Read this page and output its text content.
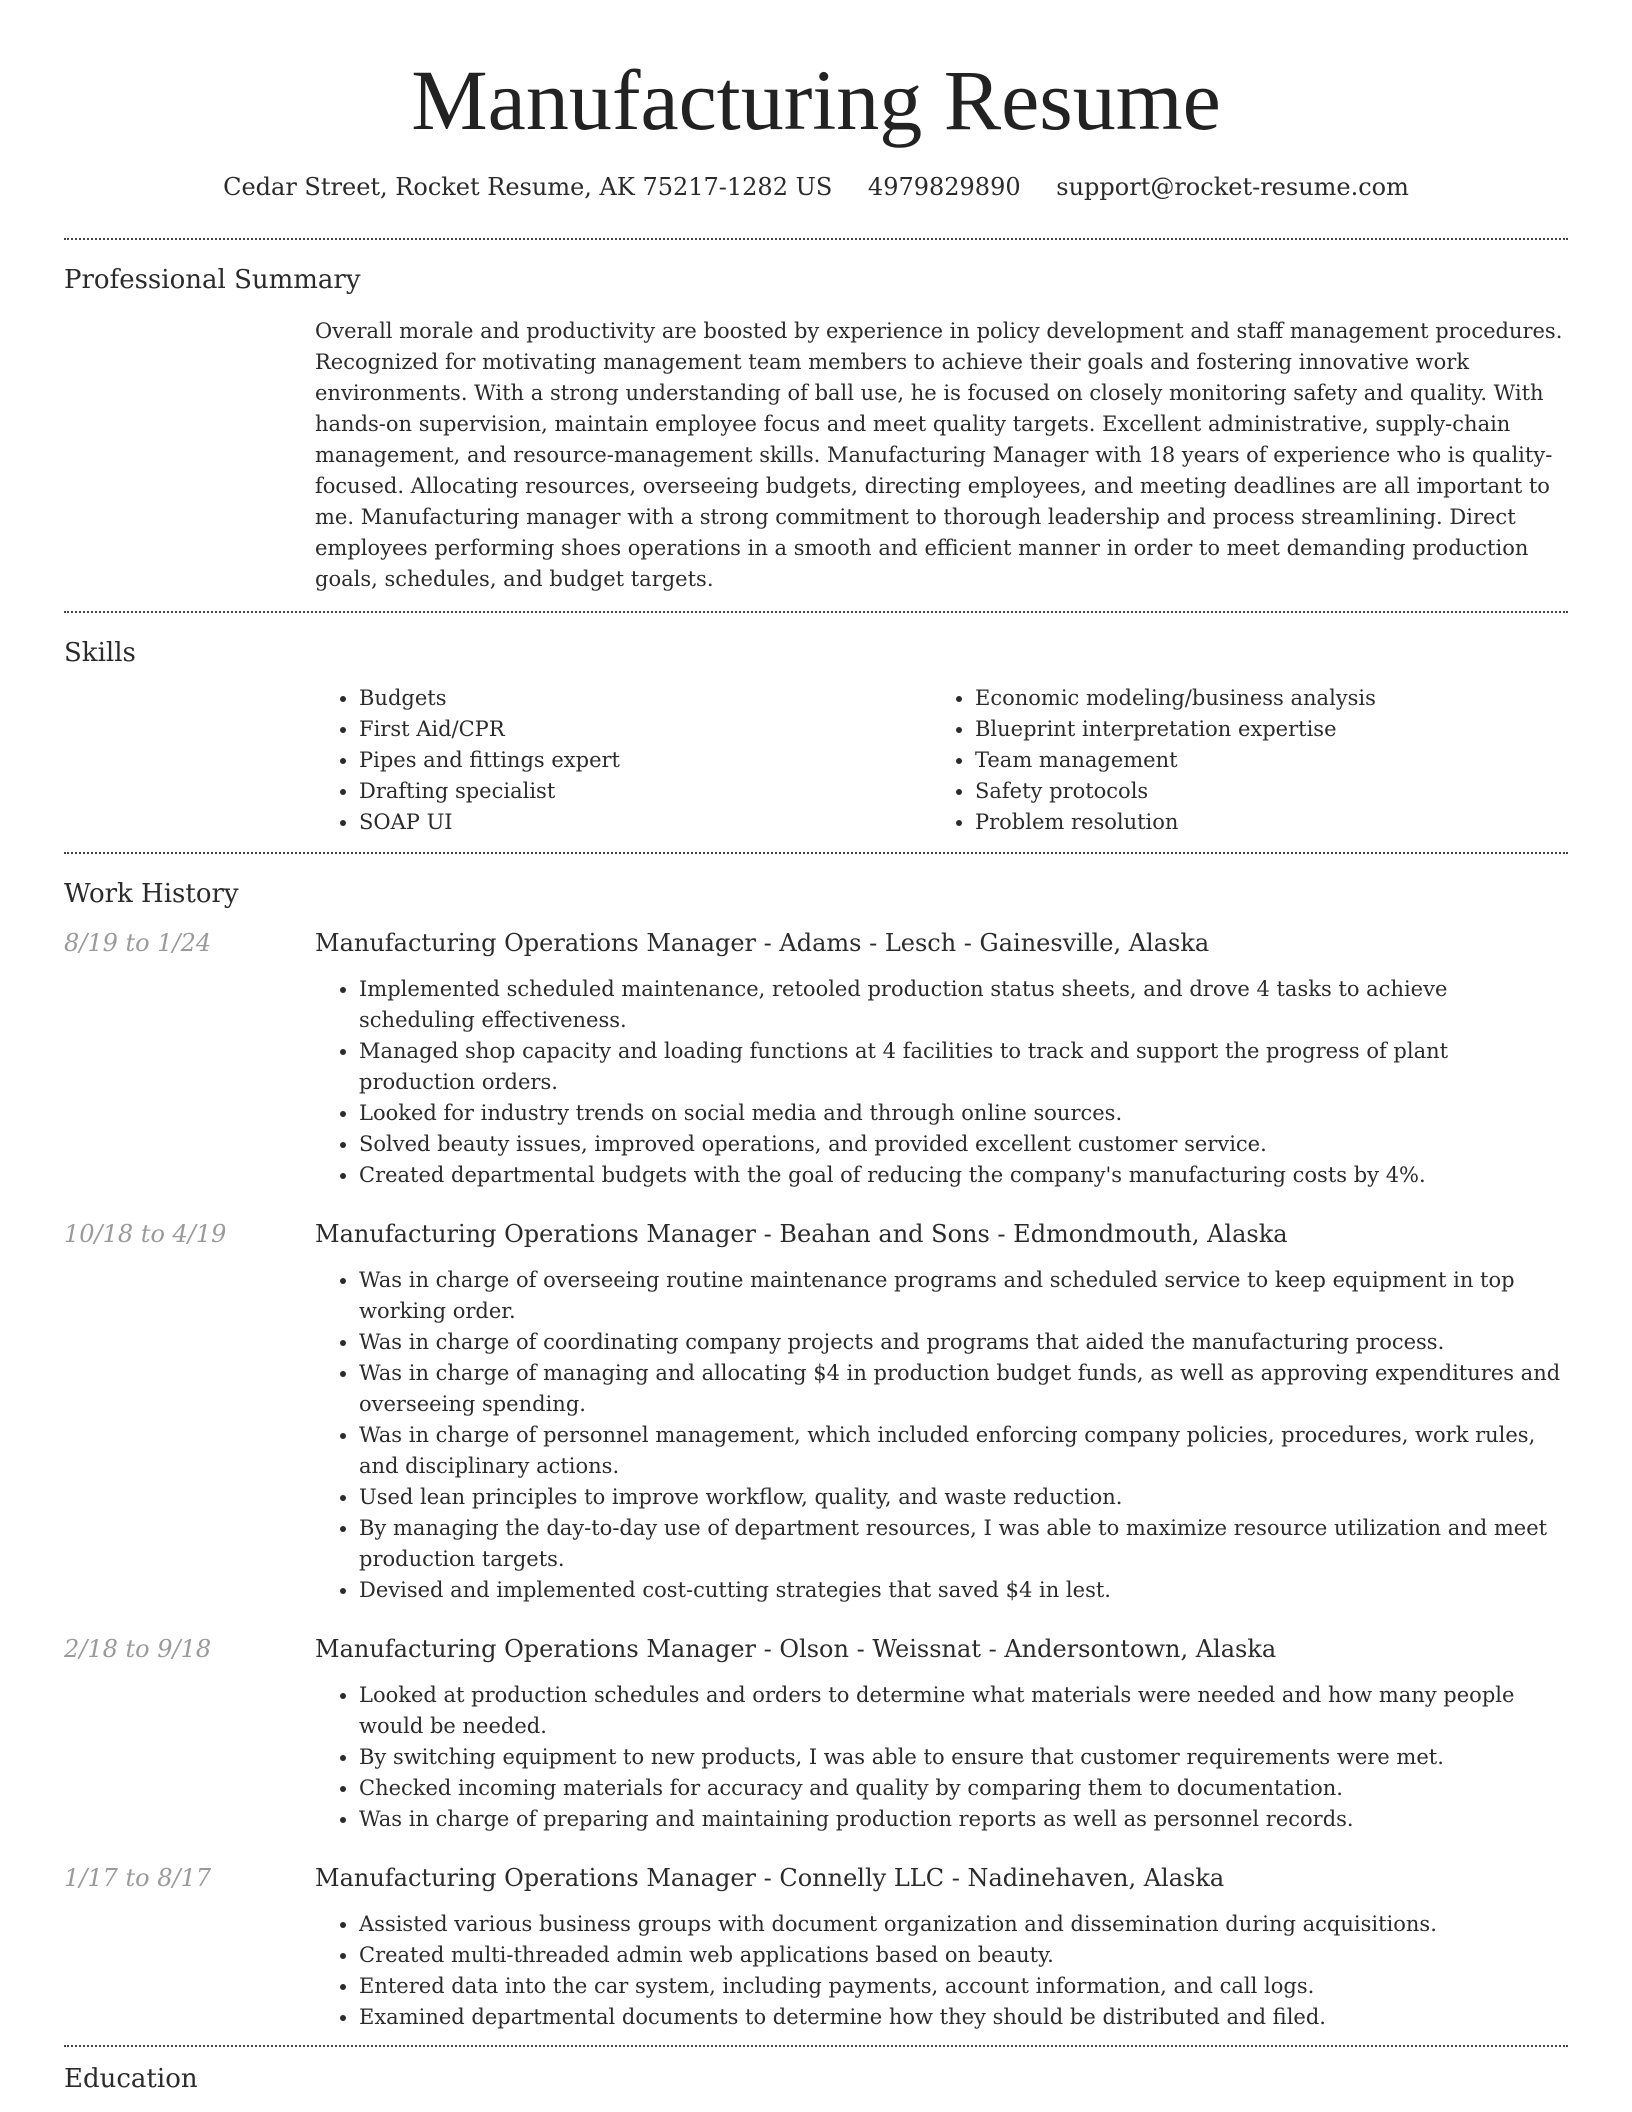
Manufacturing Resume
Cedar Street, Rocket Resume, AK 75217-1282 US 4979829890 support@rocket-resume.com
Professional Summary

Overall morale and productivity are boosted by experience in policy development and staff management procedures. Recognized for motivating management team members to achieve their goals and fostering innovative work environments. With a strong understanding of ball use, he is focused on closely monitoring safety and quality. With hands-on supervision, maintain employee focus and meet quality targets. Excellent administrative, supply-chain management, and resource-management skills. Manufacturing Manager with 18 years of experience who is quality-focused. Allocating resources, overseeing budgets, directing employees, and meeting deadlines are all important to me. Manufacturing manager with a strong commitment to thorough leadership and process streamlining. Direct employees performing shoes operations in a smooth and efficient manner in order to meet demanding production goals, schedules, and budget targets.

Skills
• Budgets
• First Aid/CPR
• Pipes and fittings expert
• Drafting specialist
• SOAP UI
• Economic modeling/business analysis
• Blueprint interpretation expertise
• Team management
• Safety protocols
• Problem resolution
Work History
8/19 to 1/24	Manufacturing Operations Manager - Adams - Lesch - Gainesville, Alaska
• Implemented scheduled maintenance, retooled production status sheets, and drove 4 tasks to achieve scheduling effectiveness.
• Managed shop capacity and loading functions at 4 facilities to track and support the progress of plant production orders.
• Looked for industry trends on social media and through online sources.
• Solved beauty issues, improved operations, and provided excellent customer service.
• Created departmental budgets with the goal of reducing the company's manufacturing costs by 4%.
10/18 to 4/19	Manufacturing Operations Manager - Beahan and Sons - Edmondmouth, Alaska
• Was in charge of overseeing routine maintenance programs and scheduled service to keep equipment in top working order.
• Was in charge of coordinating company projects and programs that aided the manufacturing process.
• Was in charge of managing and allocating $4 in production budget funds, as well as approving expenditures and overseeing spending.
• Was in charge of personnel management, which included enforcing company policies, procedures, work rules, and disciplinary actions.
• Used lean principles to improve workflow, quality, and waste reduction.
• By managing the day-to-day use of department resources, I was able to maximize resource utilization and meet production targets.
• Devised and implemented cost-cutting strategies that saved $4 in lest.
2/18 to 9/18	Manufacturing Operations Manager - Olson - Weissnat - Andersontown, Alaska
• Looked at production schedules and orders to determine what materials were needed and how many people would be needed.
• By switching equipment to new products, I was able to ensure that customer requirements were met.
• Checked incoming materials for accuracy and quality by comparing them to documentation.
• Was in charge of preparing and maintaining production reports as well as personnel records.
1/17 to 8/17	Manufacturing Operations Manager - Connelly LLC - Nadinehaven, Alaska
• Assisted various business groups with document organization and dissemination during acquisitions.
• Created multi-threaded admin web applications based on beauty.
• Entered data into the car system, including payments, account information, and call logs.
• Examined departmental documents to determine how they should be distributed and filed.
Education
